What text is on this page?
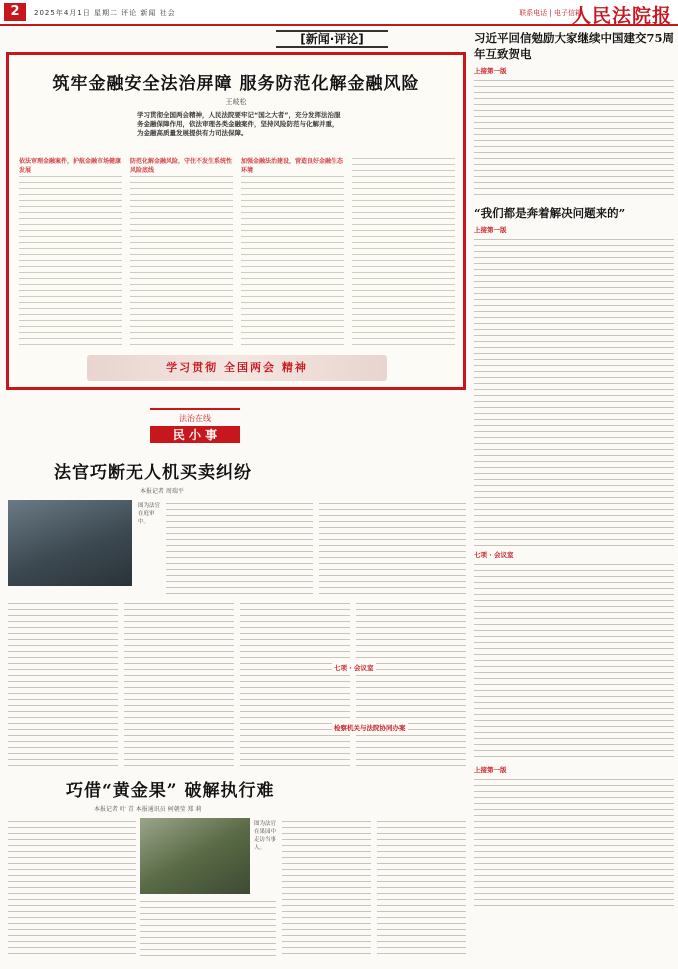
2	2025年4月1日 星期二 评论 新闻 社会	联系电话 | 电子信箱
人民法院报
[新闻·评论]
筑牢金融安全法治屏障 服务防范化解金融风险
王岐松
学习贯彻全国两会精神，人民法院要牢记“国之大者”，充分发挥法治服务金融保障作用，依法审理各类金融案件，坚持风险防范与化解并重，为金融高质量发展提供有力司法保障。
依法审理金融案件，护航金融市场健康发展
防范化解金融风险，守住不发生系统性风险底线
加强金融法治建设，营造良好金融生态环境
学习贯彻 全国两会 精神
习近平回信勉励大家继续中国建交75周年互致贺电
上接第一版
“我们都是奔着解决问题来的”
上接第一版
七项 · 会议室
上接第一版
法治在线
民 小 事
法官巧断无人机买卖纠纷
本报记者 周瑞平
图为法官在庭审中。
七项 · 会议室
检察机关与法院协同办案
巧借“黄金果” 破解执行难
本报记者 叶 青 本报通讯员 柯朝莹 郑 莉
图为法官在果园中走访当事人。
